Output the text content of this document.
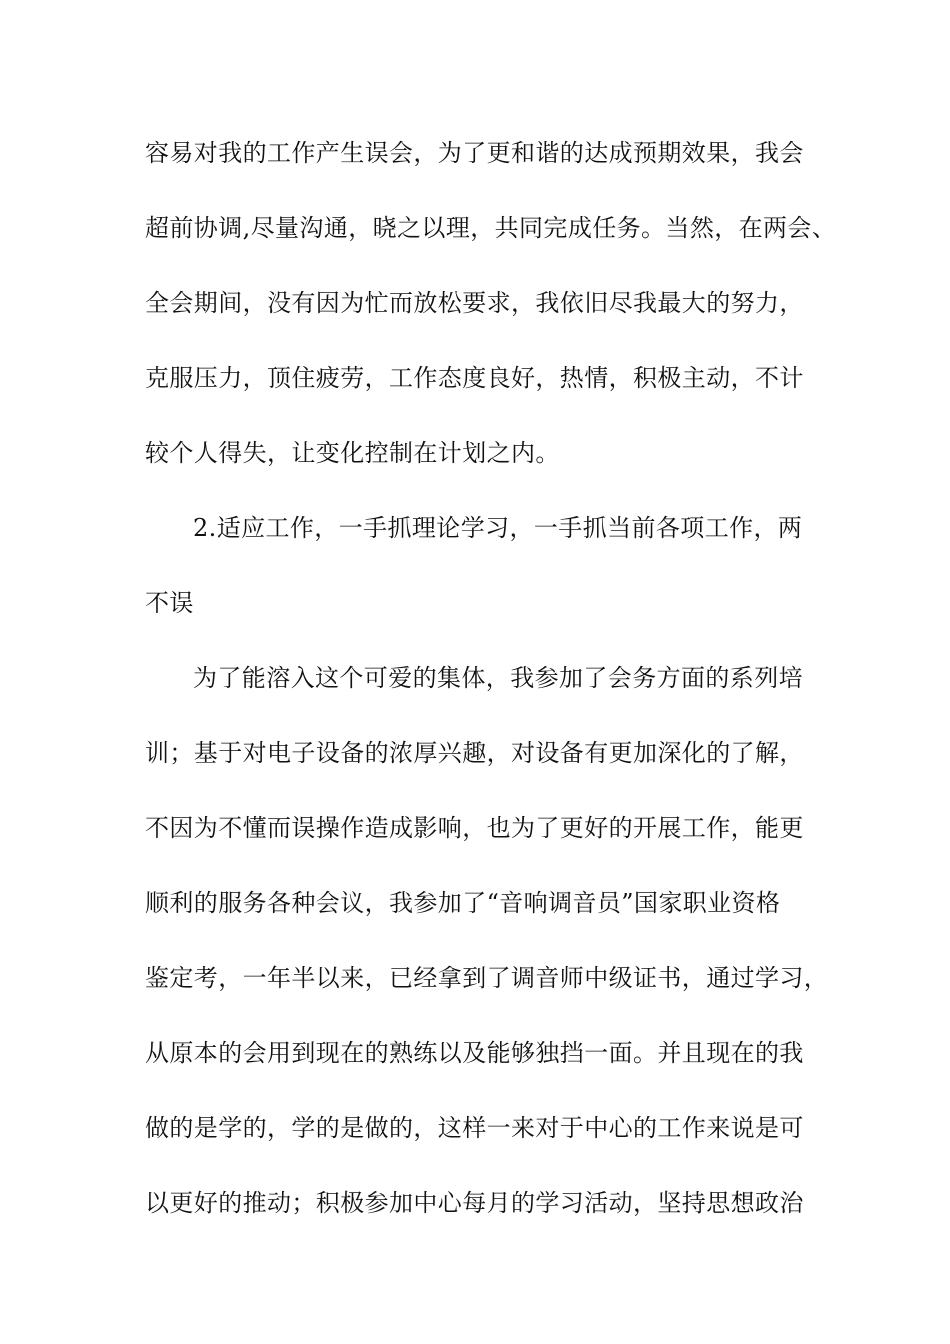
容易对我的工作产生误会，为了更和谐的达成预期效果，我会
超前协调,尽量沟通，晓之以理，共同完成任务。当然，在两会、
全会期间，没有因为忙而放松要求，我依旧尽我最大的努力，
克服压力，顶住疲劳，工作态度良好，热情，积极主动，不计
较个人得失，让变化控制在计划之内。
2.适应工作，一手抓理论学习，一手抓当前各项工作，两
不误
为了能溶入这个可爱的集体，我参加了会务方面的系列培
训；基于对电子设备的浓厚兴趣，对设备有更加深化的了解，
不因为不懂而误操作造成影响，也为了更好的开展工作，能更
顺利的服务各种会议，我参加了“音响调音员”国家职业资格
鉴定考，一年半以来，已经拿到了调音师中级证书，通过学习，
从原本的会用到现在的熟练以及能够独挡一面。并且现在的我
做的是学的，学的是做的，这样一来对于中心的工作来说是可
以更好的推动；积极参加中心每月的学习活动，坚持思想政治
